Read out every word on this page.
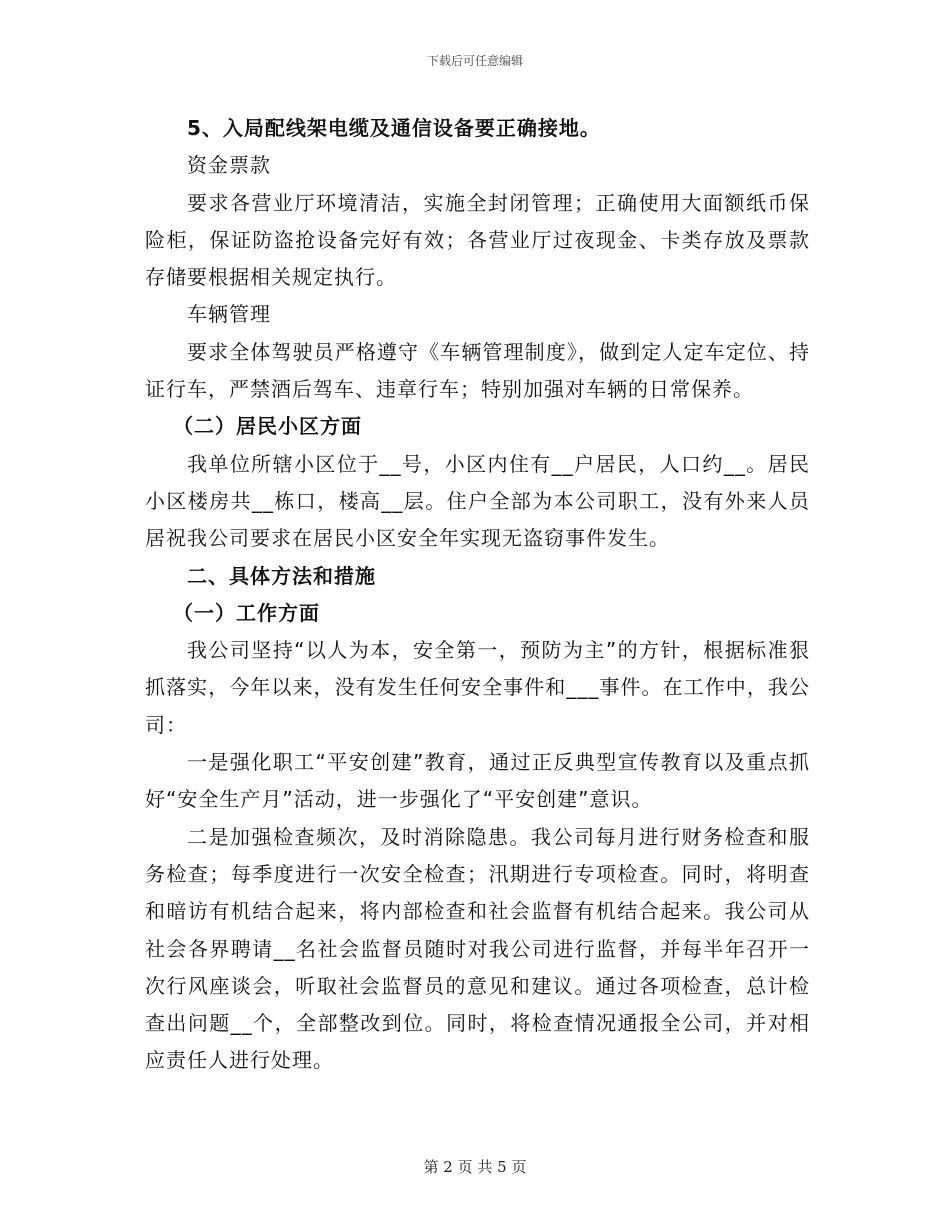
下载后可任意编辑

5、入局配线架电缆及通信设备要正确接地。

资金票款

要求各营业厅环境清洁，实施全封闭管理；正确使用大面额纸币保险柜，保证防盗抢设备完好有效；各营业厅过夜现金、卡类存放及票款存储要根据相关规定执行。

车辆管理

要求全体驾驶员严格遵守《车辆管理制度》，做到定人定车定位、持证行车，严禁酒后驾车、违章行车；特别加强对车辆的日常保养。

（二）居民小区方面

我单位所辖小区位于__号，小区内住有__户居民，人口约__。居民小区楼房共__栋口，楼高__层。住户全部为本公司职工，没有外来人员居祝我公司要求在居民小区安全年实现无盗窃事件发生。

二、具体方法和措施

（一）工作方面

我公司坚持“以人为本，安全第一，预防为主”的方针，根据标准狠抓落实，今年以来，没有发生任何安全事件和___事件。在工作中，我公司：

一是强化职工“平安创建”教育，通过正反典型宣传教育以及重点抓好“安全生产月”活动，进一步强化了“平安创建”意识。

二是加强检查频次，及时消除隐患。我公司每月进行财务检查和服务检查；每季度进行一次安全检查；汛期进行专项检查。同时，将明查和暗访有机结合起来，将内部检查和社会监督有机结合起来。我公司从社会各界聘请__名社会监督员随时对我公司进行监督，并每半年召开一次行风座谈会，听取社会监督员的意见和建议。通过各项检查，总计检查出问题__个，全部整改到位。同时，将检查情况通报全公司，并对相应责任人进行处理。

第 2 页 共 5 页
